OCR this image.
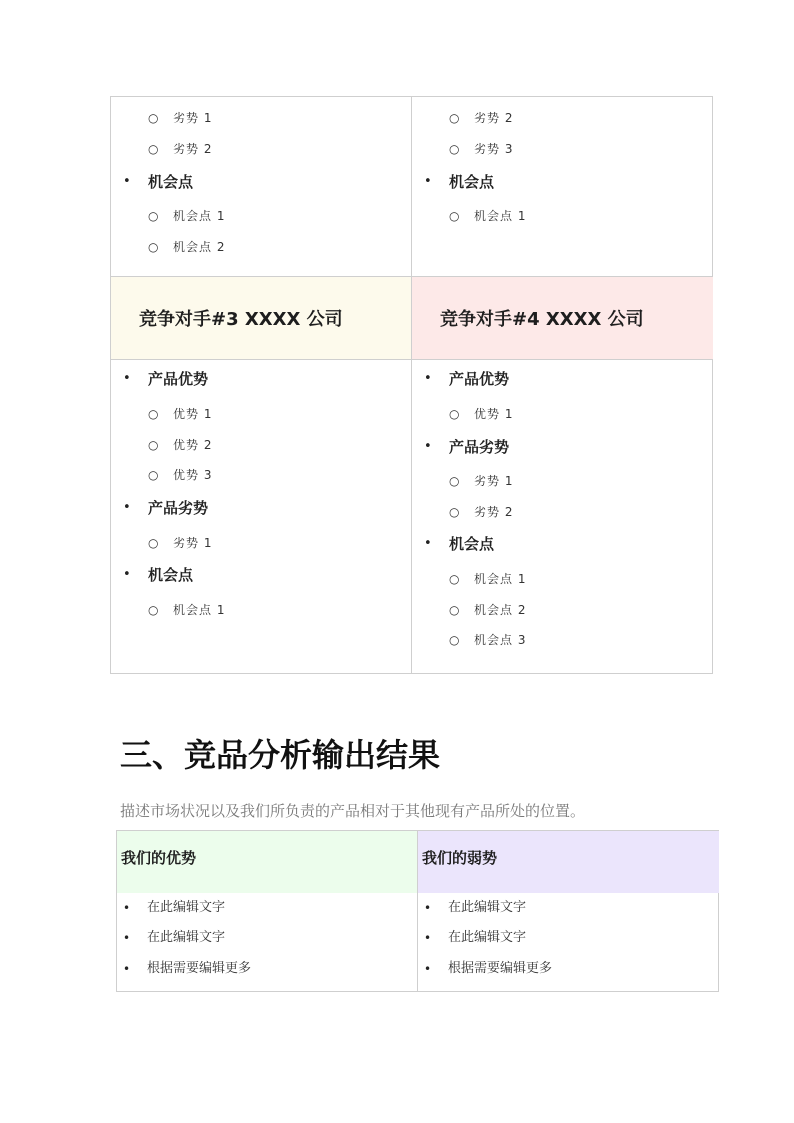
○ 劣势 1
○ 劣势 2
• 机会点
○ 机会点 1
○ 机会点 2
○ 劣势 2
○ 劣势 3
• 机会点
○ 机会点 1
竞争对手#3 XXXX 公司	竞争对手#4 XXXX 公司
• 产品优势
○ 优势 1
○ 优势 2
○ 优势 3
• 产品劣势
○ 劣势 1
• 机会点
○ 机会点 1
• 产品优势
○ 优势 1
• 产品劣势
○ 劣势 1
○ 劣势 2
• 机会点
○ 机会点 1
○ 机会点 2
○ 机会点 3
三、竞品分析输出结果
描述市场状况以及我们所负责的产品相对于其他现有产品所处的位置。
我们的优势	我们的弱势
• 在此编辑文字
• 在此编辑文字
• 根据需要编辑更多
• 在此编辑文字
• 在此编辑文字
• 根据需要编辑更多
